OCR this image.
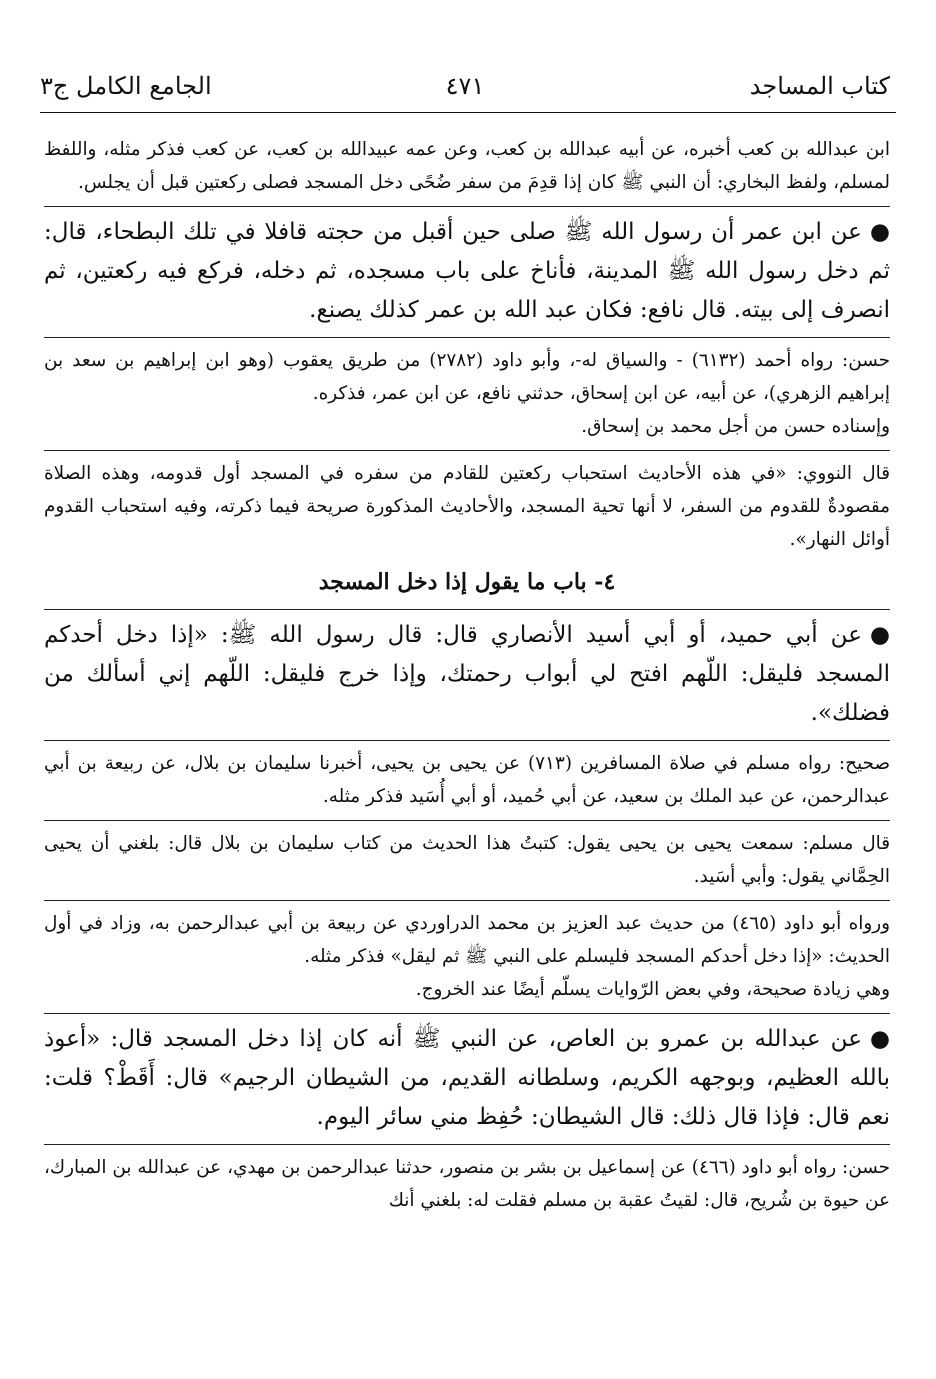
كتاب المساجد
٤٧١
الجامع الكامل ج٣

ابن عبدالله بن كعب أخبره، عن أبيه عبدالله بن كعب، وعن عمه عبيدالله بن كعب، عن كعب فذكر مثله، واللفظ لمسلم، ولفظ البخاري: أن النبي ﷺ كان إذا قدِمَ من سفر ضُحًى دخل المسجد فصلى ركعتين قبل أن يجلس.

●عن ابن عمر أن رسول الله ﷺ صلى حين أقبل من حجته قافلا في تلك البطحاء، قال: ثم دخل رسول الله ﷺ المدينة، فأناخ على باب مسجده، ثم دخله، فركع فيه ركعتين، ثم انصرف إلى بيته. قال نافع: فكان عبد الله بن عمر كذلك يصنع.

حسن: رواه أحمد (٦١٣٢) - والسياق له-، وأبو داود (٢٧٨٢) من طريق يعقوب (وهو ابن إبراهيم بن سعد بن إبراهيم الزهري)، عن أبيه، عن ابن إسحاق، حدثني نافع، عن ابن عمر، فذكره.

وإسناده حسن من أجل محمد بن إسحاق.

قال النووي: «في هذه الأحاديث استحباب ركعتين للقادم من سفره في المسجد أول قدومه، وهذه الصلاة مقصودةٌ للقدوم من السفر، لا أنها تحية المسجد، والأحاديث المذكورة صريحة فيما ذكرته، وفيه استحباب القدوم أوائل النهار».

٤- باب ما يقول إذا دخل المسجد

●عن أبي حميد، أو أبي أسيد الأنصاري قال: قال رسول الله ﷺ: «إذا دخل أحدكم المسجد فليقل: اللّهم افتح لي أبواب رحمتك، وإذا خرج فليقل: اللّهم إني أسألك من فضلك».

صحيح: رواه مسلم في صلاة المسافرين (٧١٣) عن يحيى بن يحيى، أخبرنا سليمان بن بلال، عن ربيعة بن أبي عبدالرحمن، عن عبد الملك بن سعيد، عن أبي حُميد، أو أبي أُسَيد فذكر مثله.

قال مسلم: سمعت يحيى بن يحيى يقول: كتبتُ هذا الحديث من كتاب سليمان بن بلال قال: بلغني أن يحيى الحِمَّاني يقول: وأبي أسَيد.

ورواه أبو داود (٤٦٥) من حديث عبد العزيز بن محمد الدراوردي عن ربيعة بن أبي عبدالرحمن به، وزاد في أول الحديث: «إذا دخل أحدكم المسجد فليسلم على النبي ﷺ ثم ليقل» فذكر مثله.

وهي زيادة صحيحة، وفي بعض الرّوايات يسلّم أيضًا عند الخروج.

●عن عبدالله بن عمرو بن العاص، عن النبي ﷺ أنه كان إذا دخل المسجد قال: «أعوذ بالله العظيم، وبوجهه الكريم، وسلطانه القديم، من الشيطان الرجيم» قال: أَقَطْ؟ قلت: نعم قال: فإذا قال ذلك: قال الشيطان: حُفِظ مني سائر اليوم.

حسن: رواه أبو داود (٤٦٦) عن إسماعيل بن بشر بن منصور، حدثنا عبدالرحمن بن مهدي، عن عبدالله بن المبارك، عن حيوة بن شُريح، قال: لقيتُ عقبة بن مسلم فقلت له: بلغني أنك
